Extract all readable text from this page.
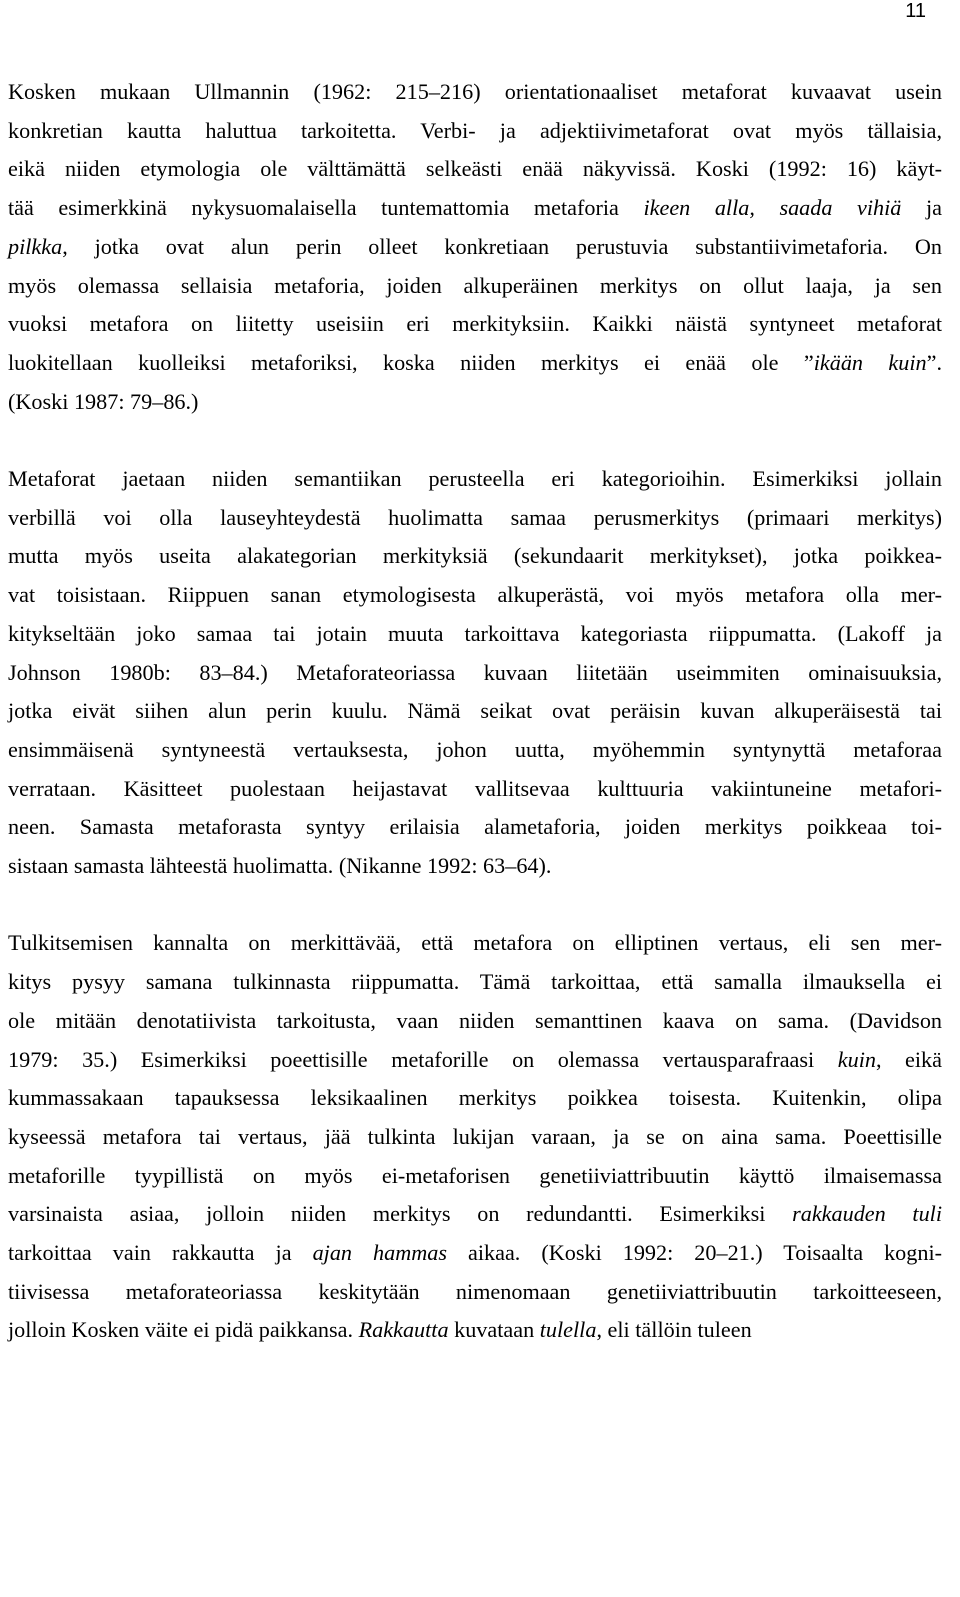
11

Kosken mukaan Ullmannin (1962: 215–216) orientationaaliset metaforat kuvaavat usein
konkretian kautta haluttua tarkoitetta. Verbi- ja adjektiivimetaforat ovat myös tällaisia,
eikä niiden etymologia ole välttämättä selkeästi enää näkyvissä. Koski (1992: 16) käyt-
tää esimerkkinä nykysuomalaisella tuntemattomia metaforia ikeen alla, saada vihiä ja
pilkka, jotka ovat alun perin olleet konkretiaan perustuvia substantiivimetaforia. On
myös olemassa sellaisia metaforia, joiden alkuperäinen merkitys on ollut laaja, ja sen
vuoksi metafora on liitetty useisiin eri merkityksiin. Kaikki näistä syntyneet metaforat
luokitellaan kuolleiksi metaforiksi, koska niiden merkitys ei enää ole ”ikään kuin”.
(Koski 1987: 79–86.)

Metaforat jaetaan niiden semantiikan perusteella eri kategorioihin. Esimerkiksi jollain
verbillä voi olla lauseyhteydestä huolimatta samaa perusmerkitys (primaari merkitys)
mutta myös useita alakategorian merkityksiä (sekundaarit merkitykset), jotka poikkea-
vat toisistaan. Riippuen sanan etymologisesta alkuperästä, voi myös metafora olla mer-
kitykseltään joko samaa tai jotain muuta tarkoittava kategoriasta riippumatta. (Lakoff ja
Johnson 1980b: 83–84.) Metaforateoriassa kuvaan liitetään useimmiten ominaisuuksia,
jotka eivät siihen alun perin kuulu. Nämä seikat ovat peräisin kuvan alkuperäisestä tai
ensimmäisenä syntyneestä vertauksesta, johon uutta, myöhemmin syntynyttä metaforaa
verrataan. Käsitteet puolestaan heijastavat vallitsevaa kulttuuria vakiintuneine metafori-
neen. Samasta metaforasta syntyy erilaisia alametaforia, joiden merkitys poikkeaa toi-
sistaan samasta lähteestä huolimatta. (Nikanne 1992: 63–64).

Tulkitsemisen kannalta on merkittävää, että metafora on elliptinen vertaus, eli sen mer-
kitys pysyy samana tulkinnasta riippumatta. Tämä tarkoittaa, että samalla ilmauksella ei
ole mitään denotatiivista tarkoitusta, vaan niiden semanttinen kaava on sama. (Davidson
1979: 35.) Esimerkiksi poeettisille metaforille on olemassa vertausparafraasi kuin, eikä
kummassakaan tapauksessa leksikaalinen merkitys poikkea toisesta. Kuitenkin, olipa
kyseessä metafora tai vertaus, jää tulkinta lukijan varaan, ja se on aina sama. Poeettisille
metaforille tyypillistä on myös ei-metaforisen genetiiviattribuutin käyttö ilmaisemassa
varsinaista asiaa, jolloin niiden merkitys on redundantti. Esimerkiksi rakkauden tuli
tarkoittaa vain rakkautta ja ajan hammas aikaa. (Koski 1992: 20–21.) Toisaalta kogni-
tiivisessa metaforateoriassa keskitytään nimenomaan genetiiviattribuutin tarkoitteeseen,
jolloin Kosken väite ei pidä paikkansa. Rakkautta kuvataan tulella, eli tällöin tuleen
